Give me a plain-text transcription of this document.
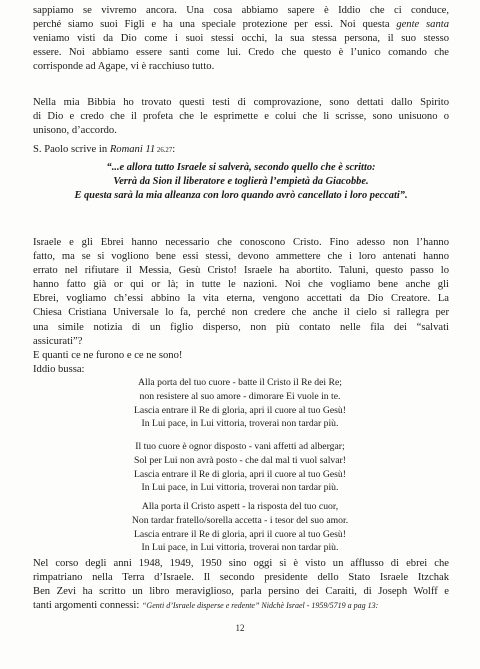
sappiamo se vivremo ancora. Una cosa abbiamo sapere è Iddio che ci conduce,
perché siamo suoi Figli e ha una speciale protezione per essi. Noi questa gente santa
veniamo visti da Dio come i suoi stessi occhi, la sua stessa persona, il suo stesso
essere. Noi abbiamo essere santi come lui. Credo che questo è l’unico comando che
corrisponde ad Agape, vi è racchiuso tutto.
Nella mia Bibbia ho trovato questi testi di comprovazione, sono dettati dallo Spirito
di Dio e credo che il profeta che le esprimette e colui che li scrisse, sono unisuono o
unisono, d’accordo.
S. Paolo scrive in Romani 11 26.27:
“...e allora tutto Israele si salverà, secondo quello che è scritto:
Verrà da Sion il liberatore e toglierà l’empietà da Giacobbe.
E questa sarà la mia alleanza con loro quando avrò cancellato i loro peccati”.
Israele e gli Ebrei hanno necessario che conoscono Cristo. Fino adesso non l’hanno
fatto, ma se si vogliono bene essi stessi, devono ammettere che i loro antenati hanno
errato nel rifiutare il Messia, Gesù Cristo! Israele ha abortito. Taluni, questo passo lo
hanno fatto già or qui or là; in tutte le nazioni. Noi che vogliamo bene anche gli
Ebrei, vogliamo ch’essi abbino la vita eterna, vengono accettati da Dio Creatore. La
Chiesa Cristiana Universale lo fa, perché non credere che anche il cielo si rallegra per
una simile notizia di un figlio disperso, non più contato nelle fila dei “salvati
assicurati”?
E quanti ce ne furono e ce ne sono!
Iddio bussa:
Alla porta del tuo cuore - batte il Cristo il Re dei Re;
non resistere al suo amore - dimorare Ei vuole in te.
Lascia entrare il Re di gloria, apri il cuore al tuo Gesù!
In Lui pace, in Lui vittoria, troverai non tardar più.
Il tuo cuore è ognor disposto - vani affetti ad albergar;
Sol per Lui non avrà posto - che dal mal ti vuol salvar!
Lascia entrare il Re di gloria, apri il cuore al tuo Gesù!
In Lui pace, in Lui vittoria, troverai non tardar più.
Alla porta il Cristo aspett - la risposta del tuo cuor,
Non tardar fratello/sorella accetta - i tesor del suo amor.
Lascia entrare il Re di gloria, apri il cuore al tuo Gesù!
In Lui pace, in Lui vittoria, troverai non tardar più.
Nel corso degli anni 1948, 1949, 1950 sino oggi si è visto un afflusso di ebrei che
rimpatriano nella Terra d’Israele. Il secondo presidente dello Stato Israele Itzchak
Ben Zevi ha scritto un libro meraviglioso, parla persino dei Caraiti, di Joseph Wolff e
tanti argomenti connessi: “Genti d’Israele disperse e redente” Nidchè Israel - 1959/5719 a pag 13:
12
